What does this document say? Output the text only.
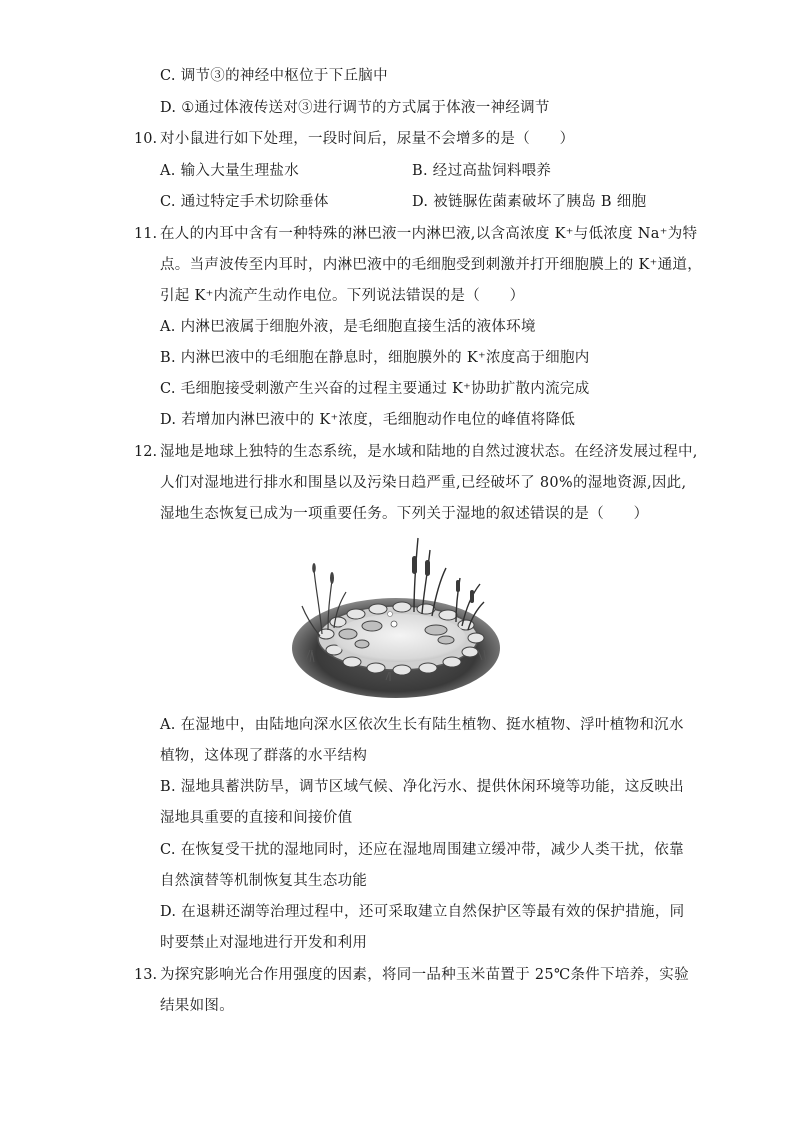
C. 调节③的神经中枢位于下丘脑中
D. ①通过体液传送对③进行调节的方式属于体液一神经调节
10. 对小鼠进行如下处理，一段时间后，尿量不会增多的是（　　）
A. 输入大量生理盐水	B. 经过高盐饲料喂养
C. 通过特定手术切除垂体	D. 被链脲佐菌素破坏了胰岛 B 细胞
11. 在人的内耳中含有一种特殊的淋巴液一内淋巴液,以含高浓度 K⁺与低浓度 Na⁺为特
点。当声波传至内耳时，内淋巴液中的毛细胞受到刺激并打开细胞膜上的 K⁺通道，
引起 K⁺内流产生动作电位。下列说法错误的是（　　）
A. 内淋巴液属于细胞外液，是毛细胞直接生活的液体环境
B. 内淋巴液中的毛细胞在静息时，细胞膜外的 K⁺浓度高于细胞内
C. 毛细胞接受刺激产生兴奋的过程主要通过 K⁺协助扩散内流完成
D. 若增加内淋巴液中的 K⁺浓度，毛细胞动作电位的峰值将降低
12. 湿地是地球上独特的生态系统，是水域和陆地的自然过渡状态。在经济发展过程中,
人们对湿地进行排水和围垦以及污染日趋严重,已经破坏了 80%的湿地资源,因此,
湿地生态恢复已成为一项重要任务。下列关于湿地的叙述错误的是（　　）
A. 在湿地中，由陆地向深水区依次生长有陆生植物、挺水植物、浮叶植物和沉水
植物，这体现了群落的水平结构
B. 湿地具蓄洪防旱，调节区域气候、净化污水、提供休闲环境等功能，这反映出
湿地具重要的直接和间接价值
C. 在恢复受干扰的湿地同时，还应在湿地周围建立缓冲带，减少人类干扰，依靠
自然演替等机制恢复其生态功能
D. 在退耕还湖等治理过程中，还可采取建立自然保护区等最有效的保护措施，同
时要禁止对湿地进行开发和利用
13. 为探究影响光合作用强度的因素，将同一品种玉米苗置于 25℃条件下培养，实验
结果如图。
